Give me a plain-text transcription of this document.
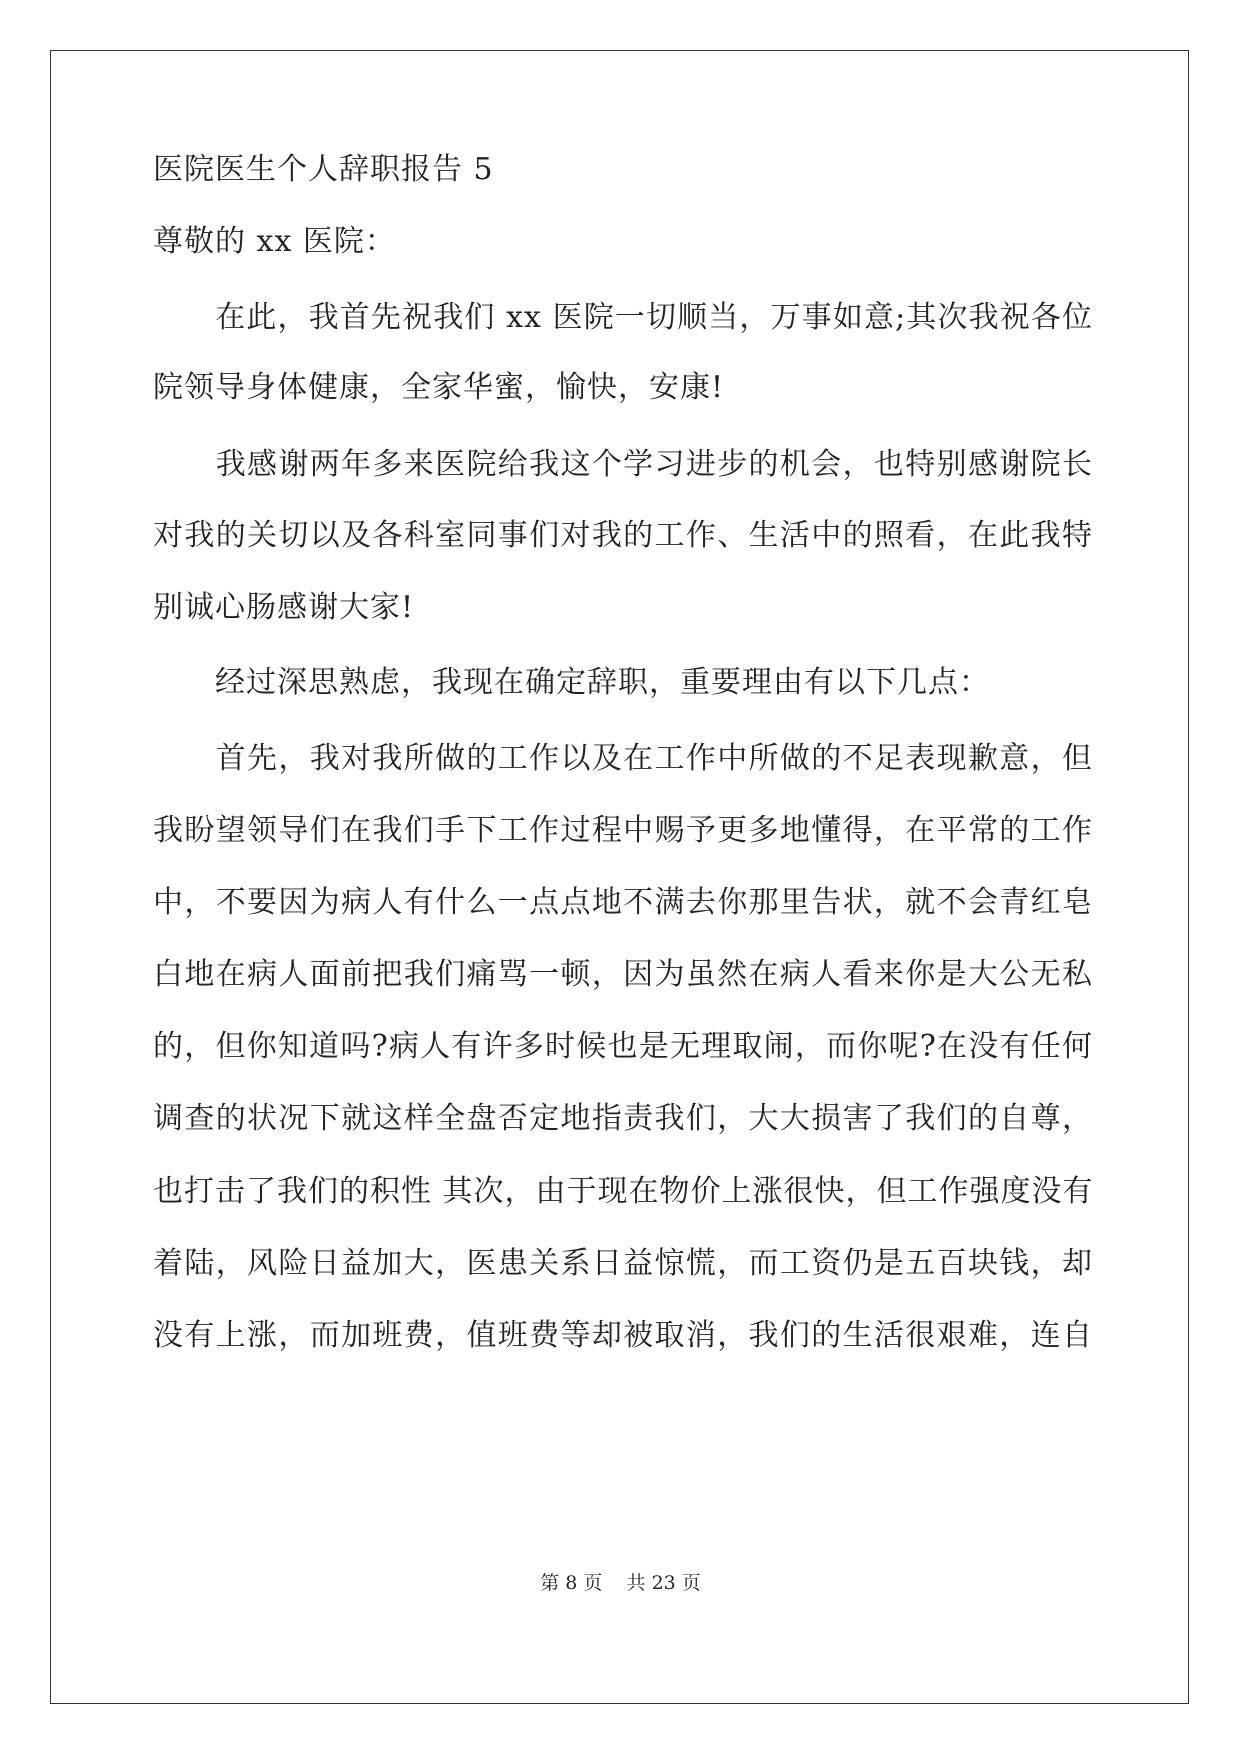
医院医生个人辞职报告 5
尊敬的 xx 医院：
　　在此，我首先祝我们 xx 医院一切顺当，万事如意;其次我祝各位
院领导身体健康，全家华蜜，愉快，安康!
　　我感谢两年多来医院给我这个学习进步的机会，也特别感谢院长
对我的关切以及各科室同事们对我的工作、生活中的照看，在此我特
别诚心肠感谢大家!
　　经过深思熟虑，我现在确定辞职，重要理由有以下几点：
　　首先，我对我所做的工作以及在工作中所做的不足表现歉意，但
我盼望领导们在我们手下工作过程中赐予更多地懂得，在平常的工作
中，不要因为病人有什么一点点地不满去你那里告状，就不会青红皂
白地在病人面前把我们痛骂一顿，因为虽然在病人看来你是大公无私
的，但你知道吗?病人有许多时候也是无理取闹，而你呢?在没有任何
调查的状况下就这样全盘否定地指责我们，大大损害了我们的自尊，
也打击了我们的积性 其次，由于现在物价上涨很快，但工作强度没有
着陆，风险日益加大，医患关系日益惊慌，而工资仍是五百块钱，却
没有上涨，而加班费，值班费等却被取消，我们的生活很艰难，连自
第 8 页 共 23 页
